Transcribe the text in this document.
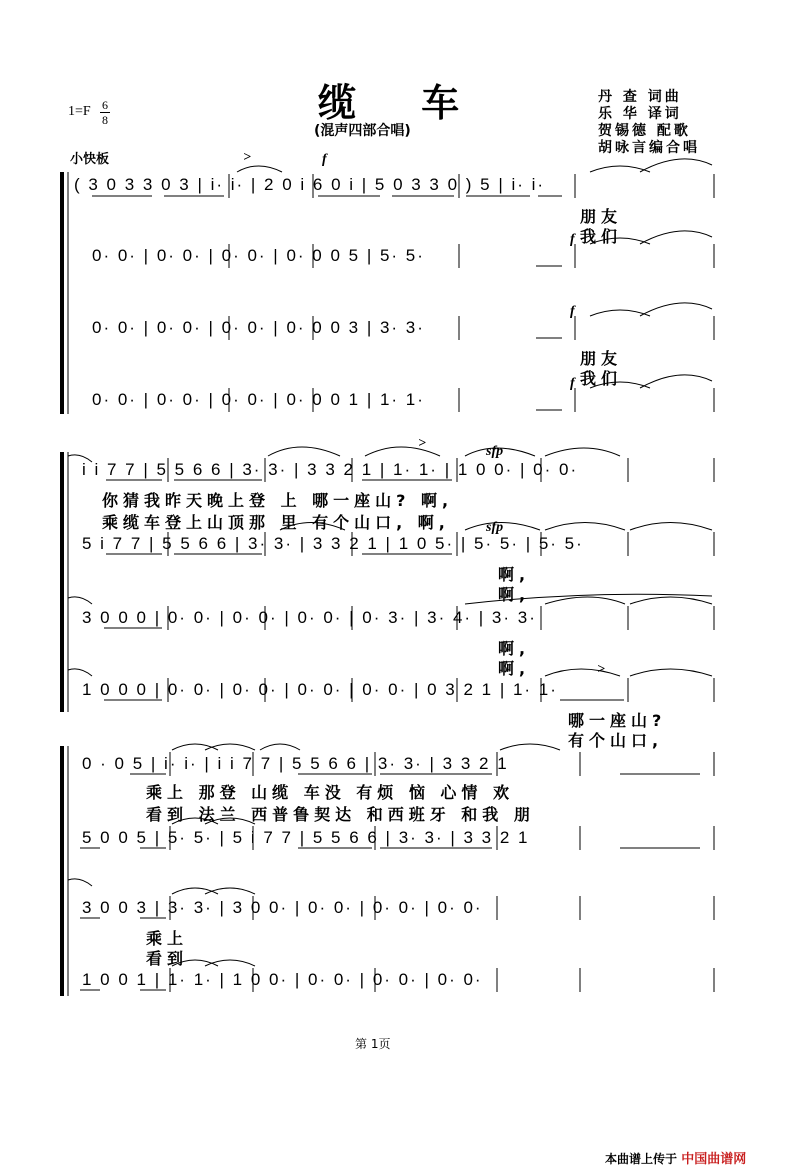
缆 车
(混声四部合唱)
丹 查 词曲
乐 华 译词
贺锡德 配歌
胡咏言编合唱
1=F 6
8
小快板	>	f
( 3 0 3 3 0 3 | i· i· | 2 0 i 6 0 i | 5 0 3 3 0 ) 5 | i· i·
朋友
我们
f
0· 0· | 0· 0· | 0· 0· | 0· 0 0 5 | 5· 5·
f
0· 0· | 0· 0· | 0· 0· | 0· 0 0 3 | 3· 3·
朋友
我们
f
0· 0· | 0· 0· | 0· 0· | 0· 0 0 1 | 1· 1·
>
sfp
i i 7 7 | 5 5 6 6 | 3· 3· | 3 3 2 1 | 1· 1· | 1 0 0· | 0· 0·
你猜我昨天晚上登 上 哪一座山? 啊,
乘缆车登上山顶那 里 有个山口, 啊,	sfp
5 i 7 7 | 5 5 6 6 | 3· 3· | 3 3 2 1 | 1 0 5· | 5· 5· | 5· 5·
啊,
啊,
3 0 0 0 | 0· 0· | 0· 0· | 0· 0· | 0· 3· | 3· 4· | 3· 3·
啊,
啊,	>
1 0 0 0 | 0· 0· | 0· 0· | 0· 0· | 0· 0· | 0 3 2 1 | 1· 1·
哪一座山?
有个山口,
0 · 0 5 | i· i· | i i 7 7 | 5 5 6 6 | 3· 3· | 3 3 2 1
乘上 那登 山缆 车没 有烦 恼 心情 欢
看到 法兰 西普鲁契达 和西班牙 和我 朋
5 0 0 5 | 5· 5· | 5 i 7 7 | 5 5 6 6 | 3· 3· | 3 3 2 1
3 0 0 3 | 3· 3· | 3 0 0· | 0· 0· | 0· 0· | 0· 0·
乘上
看到
1 0 0 1 | 1· 1· | 1 0 0· | 0· 0· | 0· 0· | 0· 0·
第 1页
本曲谱上传于 中国曲谱网
